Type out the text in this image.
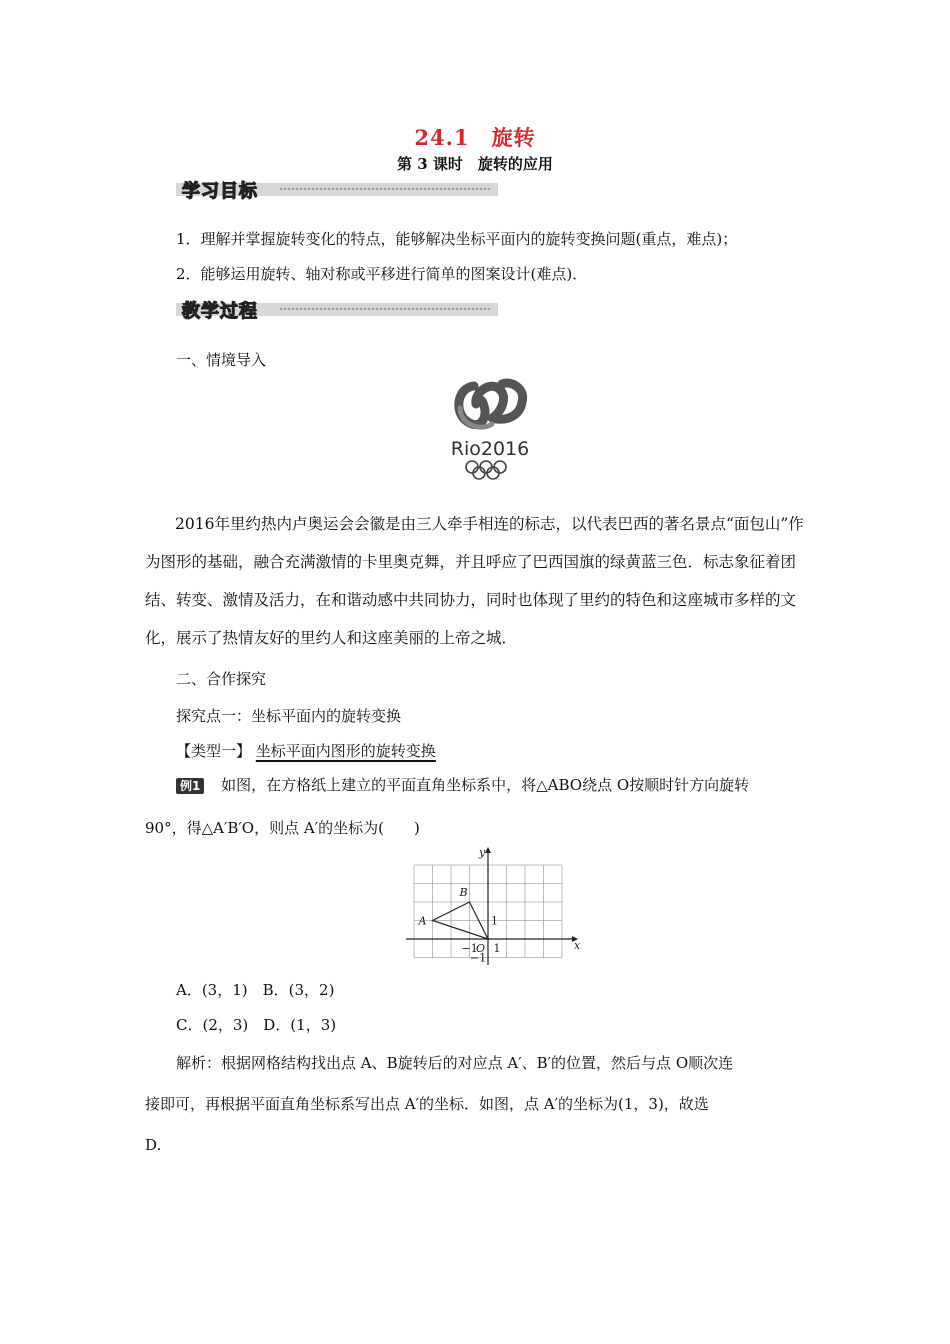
24.1　旋转
第 3 课时　旋转的应用
学习目标
1．理解并掌握旋转变化的特点，能够解决坐标平面内的旋转变换问题(重点，难点)；
2．能够运用旋转、轴对称或平移进行简单的图案设计(难点)．
教学过程
一、情境导入
Rio2016
2016年里约热内卢奥运会会徽是由三人牵手相连的标志，以代表巴西的著名景点“面包山”作为图形的基础，融合充满激情的卡里奥克舞，并且呼应了巴西国旗的绿黄蓝三色．标志象征着团结、转变、激情及活力，在和谐动感中共同协力，同时也体现了里约的特色和这座城市多样的文化，展示了热情友好的里约人和这座美丽的上帝之城．
二、合作探究
探究点一：坐标平面内的旋转变换
【类型一】 坐标平面内图形的旋转变换
例1 如图，在方格纸上建立的平面直角坐标系中，将△ABO绕点 O按顺时针方向旋转
90°，得△A′B′O，则点 A′的坐标为(　　)
y
x
A
B
O 1
1
−1
−1
A．(3，1)　B．(3，2)
C．(2，3)　D．(1，3)
解析：根据网格结构找出点 A、B旋转后的对应点 A′、B′的位置，然后与点 O顺次连
接即可，再根据平面直角坐标系写出点 A′的坐标．如图，点 A′的坐标为(1，3)，故选
D.
